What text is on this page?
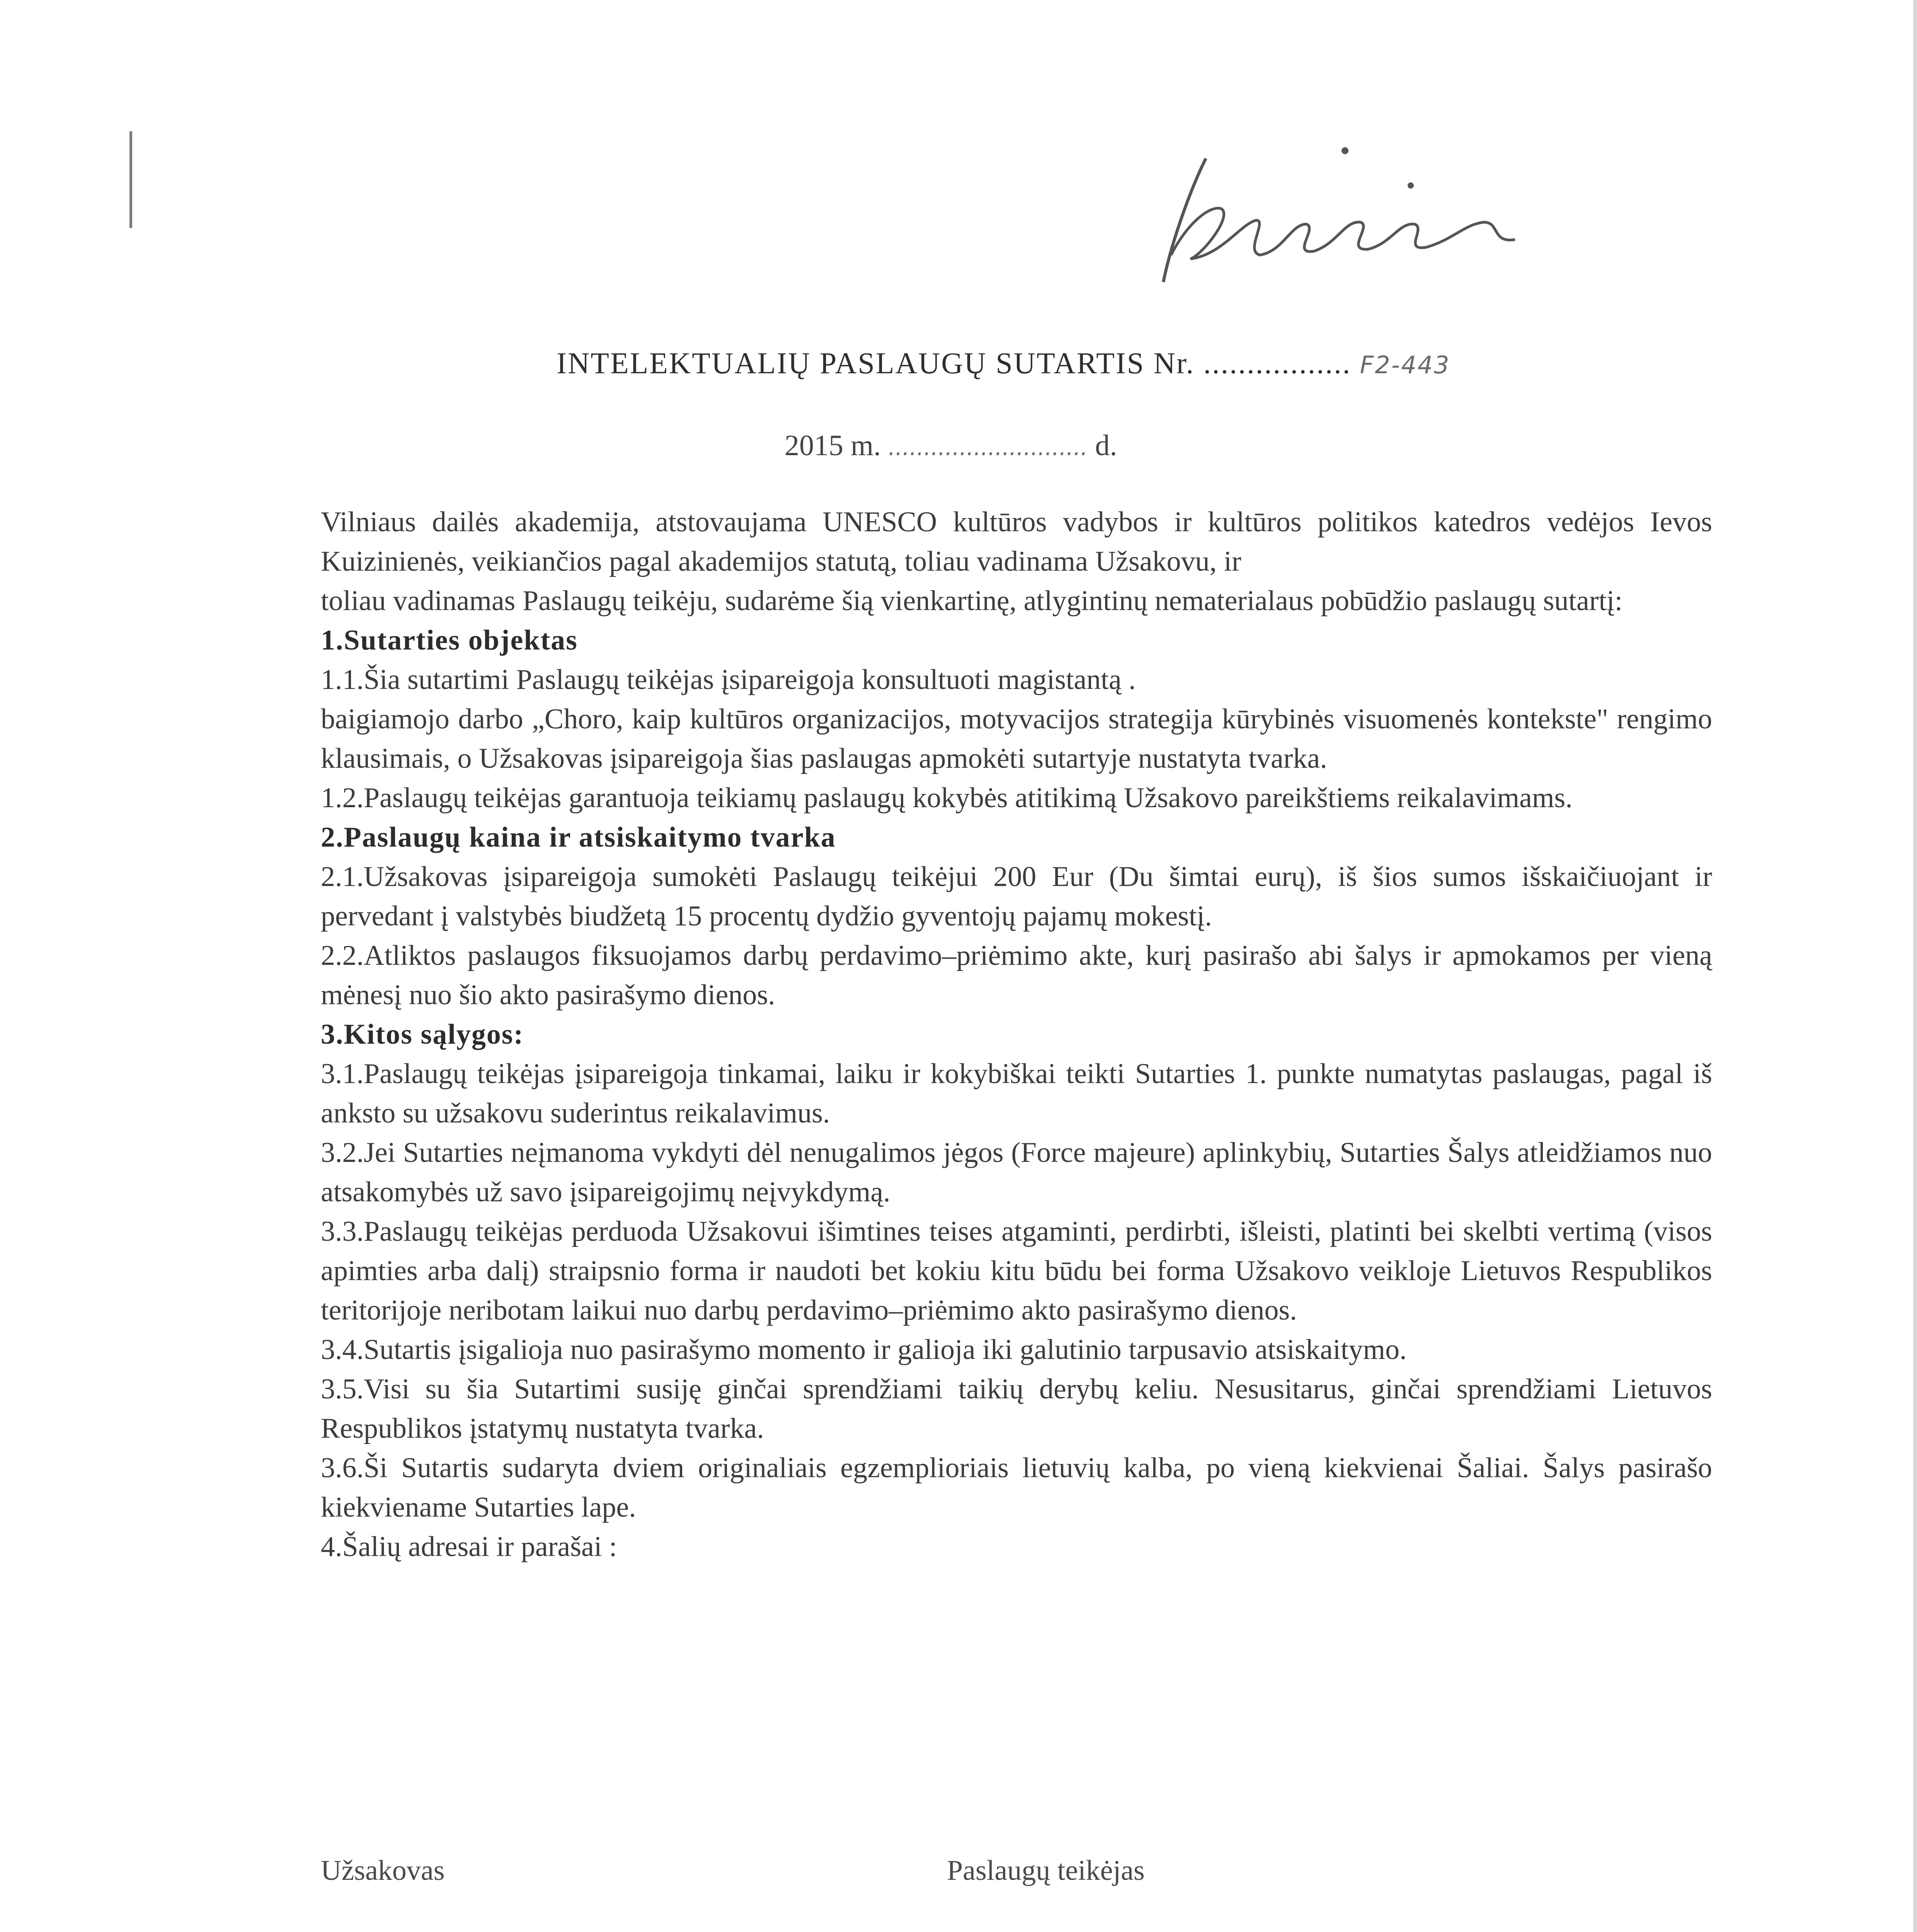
INTELEKTUALIŲ PASLAUGŲ SUTARTIS Nr. ................. F2-443
2015 m. ............................ d.

Vilniaus dailės akademija, atstovaujama UNESCO kultūros vadybos ir kultūros politikos katedros vedėjos Ievos Kuizinienės, veikiančios pagal akademijos statutą, toliau vadinama Užsakovu, ir

toliau vadinamas Paslaugų teikėju, sudarėme šią vienkartinę, atlygintinų nematerialaus pobūdžio paslaugų sutartį:

1.Sutarties objektas

1.1.Šia sutartimi Paslaugų teikėjas įsipareigoja konsultuoti magistantą .

baigiamojo darbo „Choro, kaip kultūros organizacijos, motyvacijos strategija kūrybinės visuomenės kontekste" rengimo klausimais, o Užsakovas įsipareigoja šias paslaugas apmokėti sutartyje nustatyta tvarka.

1.2.Paslaugų teikėjas garantuoja teikiamų paslaugų kokybės atitikimą Užsakovo pareikštiems reikalavimams.

2.Paslaugų kaina ir atsiskaitymo tvarka

2.1.Užsakovas įsipareigoja sumokėti Paslaugų teikėjui 200 Eur (Du šimtai eurų), iš šios sumos išskaičiuojant ir pervedant į valstybės biudžetą 15 procentų dydžio gyventojų pajamų mokestį.

2.2.Atliktos paslaugos fiksuojamos darbų perdavimo–priėmimo akte, kurį pasirašo abi šalys ir apmokamos per vieną mėnesį nuo šio akto pasirašymo dienos.

3.Kitos sąlygos:

3.1.Paslaugų teikėjas įsipareigoja tinkamai, laiku ir kokybiškai teikti Sutarties 1. punkte numatytas paslaugas, pagal iš anksto su užsakovu suderintus reikalavimus.

3.2.Jei Sutarties neįmanoma vykdyti dėl nenugalimos jėgos (Force majeure) aplinkybių, Sutarties Šalys atleidžiamos nuo atsakomybės už savo įsipareigojimų neįvykdymą.

3.3.Paslaugų teikėjas perduoda Užsakovui išimtines teises atgaminti, perdirbti, išleisti, platinti bei skelbti vertimą (visos apimties arba dalį) straipsnio forma ir naudoti bet kokiu kitu būdu bei forma Užsakovo veikloje Lietuvos Respublikos teritorijoje neribotam laikui nuo darbų perdavimo–priėmimo akto pasirašymo dienos.

3.4.Sutartis įsigalioja nuo pasirašymo momento ir galioja iki galutinio tarpusavio atsiskaitymo.

3.5.Visi su šia Sutartimi susiję ginčai sprendžiami taikių derybų keliu. Nesusitarus, ginčai sprendžiami Lietuvos Respublikos įstatymų nustatyta tvarka.

3.6.Ši Sutartis sudaryta dviem originaliais egzemplioriais lietuvių kalba, po vieną kiekvienai Šaliai. Šalys pasirašo kiekviename Sutarties lape.

4.Šalių adresai ir parašai :

Užsakovas	Paslaugų teikėjas
